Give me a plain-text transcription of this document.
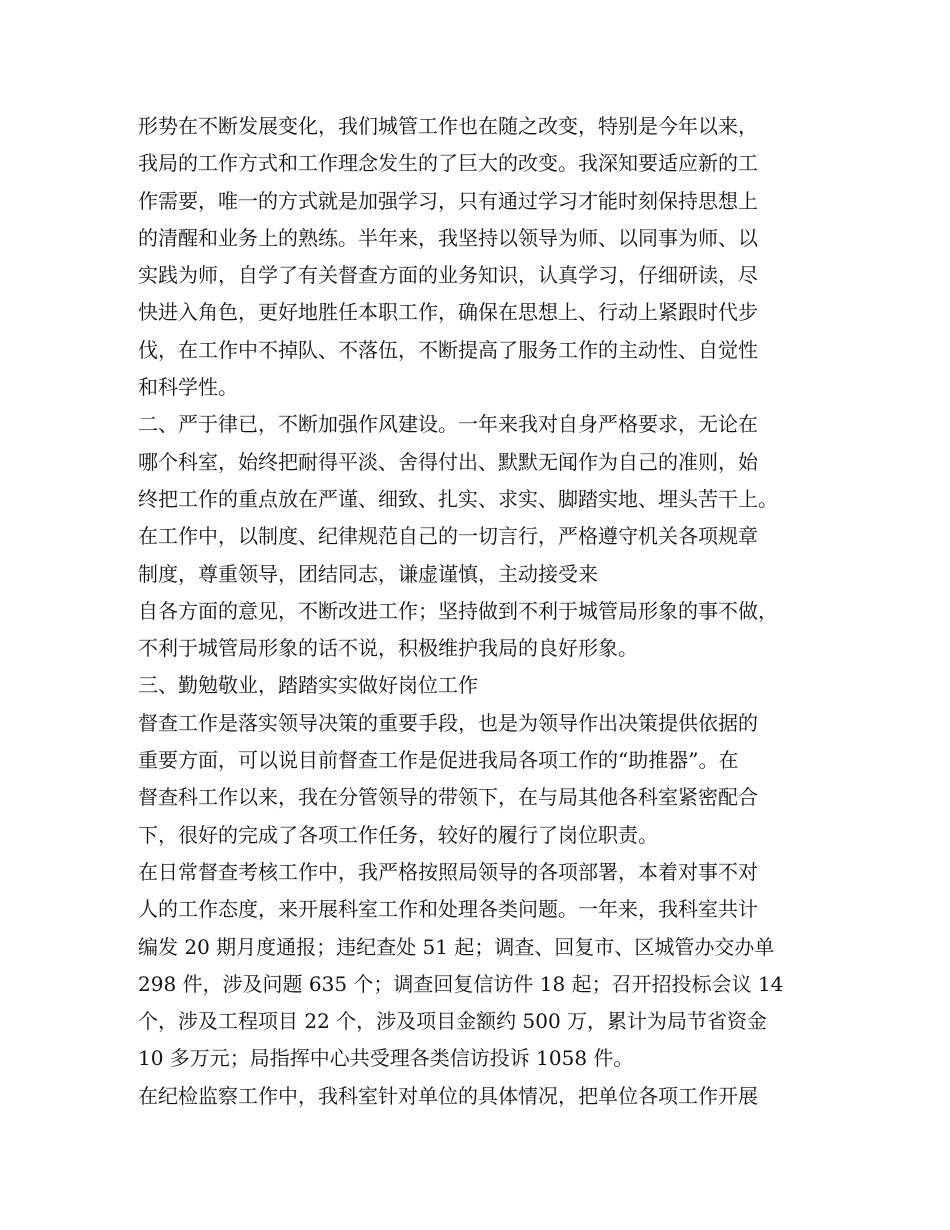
形势在不断发展变化，我们城管工作也在随之改变，特别是今年以来，
我局的工作方式和工作理念发生的了巨大的改变。我深知要适应新的工
作需要，唯一的方式就是加强学习，只有通过学习才能时刻保持思想上
的清醒和业务上的熟练。半年来，我坚持以领导为师、以同事为师、以
实践为师，自学了有关督查方面的业务知识，认真学习，仔细研读，尽
快进入角色，更好地胜任本职工作，确保在思想上、行动上紧跟时代步
伐，在工作中不掉队、不落伍，不断提高了服务工作的主动性、自觉性
和科学性。
二、严于律已，不断加强作风建设。一年来我对自身严格要求，无论在
哪个科室，始终把耐得平淡、舍得付出、默默无闻作为自己的准则，始
终把工作的重点放在严谨、细致、扎实、求实、脚踏实地、埋头苦干上。
在工作中，以制度、纪律规范自己的一切言行，严格遵守机关各项规章
制度，尊重领导，团结同志，谦虚谨慎，主动接受来
自各方面的意见，不断改进工作；坚持做到不利于城管局形象的事不做，
不利于城管局形象的话不说，积极维护我局的良好形象。
三、勤勉敬业，踏踏实实做好岗位工作
督查工作是落实领导决策的重要手段，也是为领导作出决策提供依据的
重要方面，可以说目前督查工作是促进我局各项工作的“助推器”。在
督查科工作以来，我在分管领导的带领下，在与局其他各科室紧密配合
下，很好的完成了各项工作任务，较好的履行了岗位职责。
在日常督查考核工作中，我严格按照局领导的各项部署，本着对事不对
人的工作态度，来开展科室工作和处理各类问题。一年来，我科室共计
编发 20 期月度通报；违纪查处 51 起；调查、回复市、区城管办交办单
298 件，涉及问题 635 个；调查回复信访件 18 起；召开招投标会议 14
个，涉及工程项目 22 个，涉及项目金额约 500 万，累计为局节省资金
10 多万元；局指挥中心共受理各类信访投诉 1058 件。
在纪检监察工作中，我科室针对单位的具体情况，把单位各项工作开展
